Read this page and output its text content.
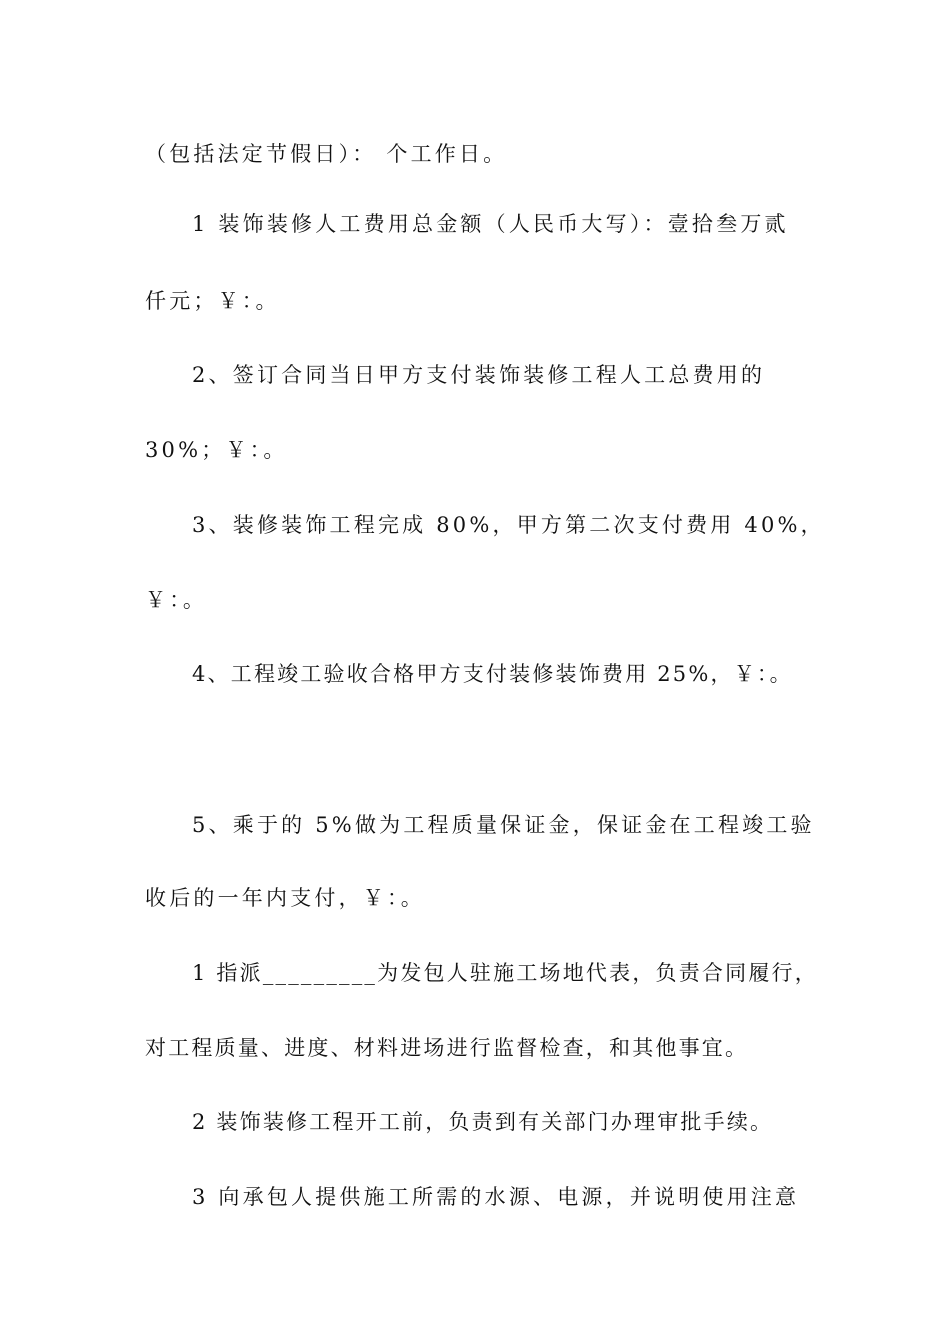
（包括法定节假日）： 个工作日。
1 装饰装修人工费用总金额（人民币大写）：壹拾叁万贰
仟元；￥：。
2、签订合同当日甲方支付装饰装修工程人工总费用的
30%；￥：。
3、装修装饰工程完成 80%，甲方第二次支付费用 40%，
￥：。
4、工程竣工验收合格甲方支付装修装饰费用 25%，￥：。
5、乘于的 5%做为工程质量保证金，保证金在工程竣工验
收后的一年内支付，￥：。
1 指派_________为发包人驻施工场地代表，负责合同履行，
对工程质量、进度、材料进场进行监督检查，和其他事宜。
2 装饰装修工程开工前，负责到有关部门办理审批手续。
3 向承包人提供施工所需的水源、电源，并说明使用注意
